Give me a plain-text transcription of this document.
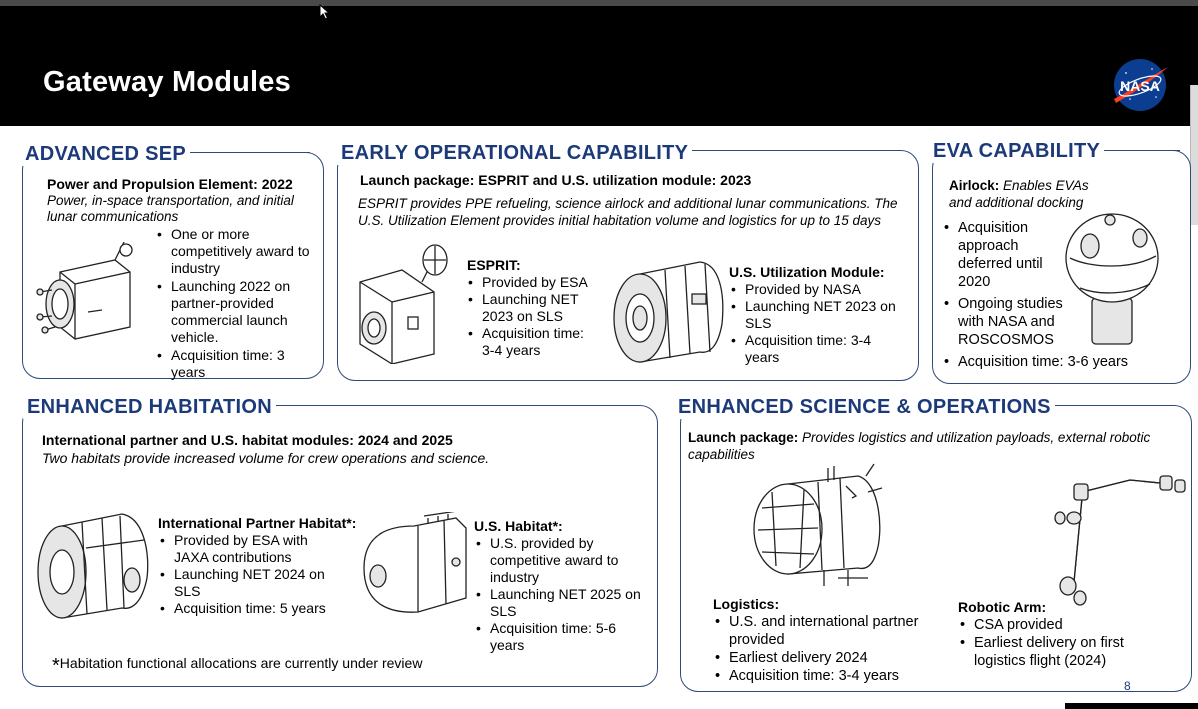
Gateway Modules	NASA
ADVANCED SEP
Power and Propulsion Element: 2022
Power, in-space transportation, and initial lunar communications
• One or more competitively award to industry
• Launching 2022 on partner-provided commercial launch vehicle.
• Acquisition time: 3 years
EARLY OPERATIONAL CAPABILITY
Launch package: ESPRIT and U.S. utilization module: 2023
ESPRIT provides PPE refueling, science airlock and additional lunar communications. The U.S. Utilization Element provides initial habitation volume and logistics for up to 15 days
ESPRIT:
• Provided by ESA
• Launching NET 2023 on SLS
• Acquisition time: 3-4 years
U.S. Utilization Module:
• Provided by NASA
• Launching NET 2023 on SLS
• Acquisition time: 3-4 years
EVA CAPABILITY
Airlock: Enables EVAs and additional docking
• Acquisition approach deferred until 2020
• Ongoing studies with NASA and ROSCOSMOS
• Acquisition time: 3-6 years
ENHANCED HABITATION
International partner and U.S. habitat modules: 2024 and 2025
Two habitats provide increased volume for crew operations and science.
International Partner Habitat*:
• Provided by ESA with JAXA contributions
• Launching NET 2024 on SLS
• Acquisition time: 5 years
U.S. Habitat*:
• U.S. provided by competitive award to industry
• Launching NET 2025 on SLS
• Acquisition time: 5-6 years
*Habitation functional allocations are currently under review
ENHANCED SCIENCE & OPERATIONS
Launch package: Provides logistics and utilization payloads, external robotic capabilities
Logistics:
• U.S. and international partner provided
• Earliest delivery 2024
• Acquisition time: 3-4 years
Robotic Arm:
• CSA provided
• Earliest delivery on first logistics flight (2024)
8
